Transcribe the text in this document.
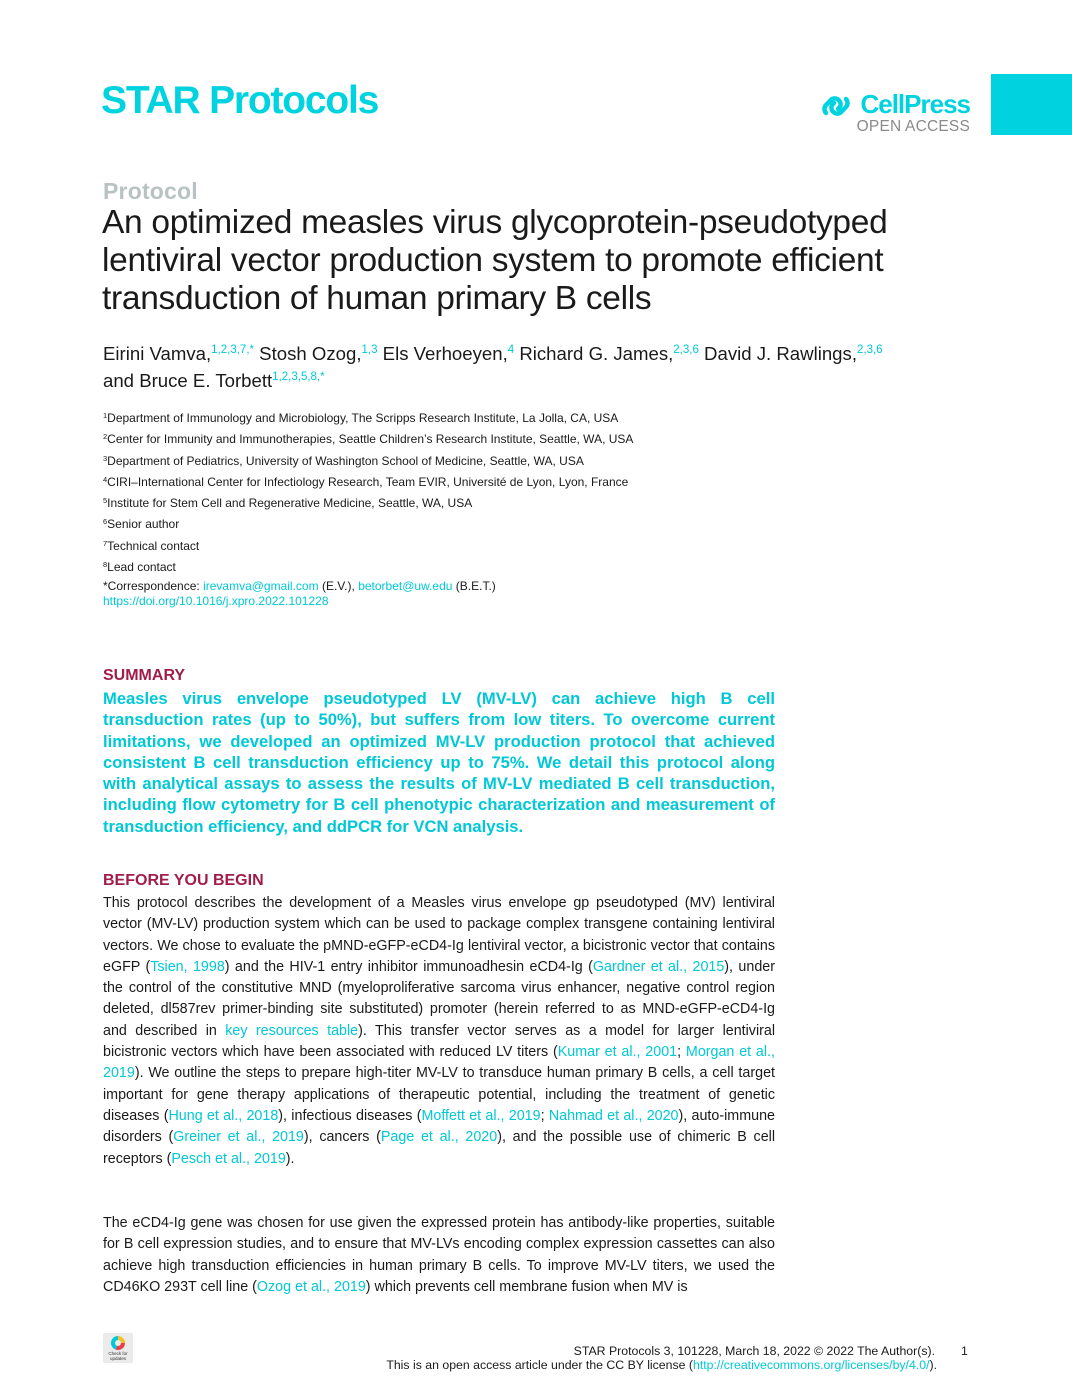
STAR Protocols	CellPress
OPEN ACCESS
Protocol
An optimized measles virus glycoprotein-pseudotyped lentiviral vector production system to promote efficient transduction of human primary B cells
Eirini Vamva,$^{1,2,3,7,*}$ Stosh Ozog,$^{1,3}$ Els Verhoeyen,$^4$ Richard G. James,$^{2,3,6}$ David J. Rawlings,$^{2,3,6}$
and Bruce E. Torbett$^{1,2,3,5,8,*}$
$^1$Department of Immunology and Microbiology, The Scripps Research Institute, La Jolla, CA, USA
$^2$Center for Immunity and Immunotherapies, Seattle Children’s Research Institute, Seattle, WA, USA
$^3$Department of Pediatrics, University of Washington School of Medicine, Seattle, WA, USA
$^4$CIRI–International Center for Infectiology Research, Team EVIR, Université de Lyon, Lyon, France
$^5$Institute for Stem Cell and Regenerative Medicine, Seattle, WA, USA
$^6$Senior author
$^7$Technical contact
$^8$Lead contact
*Correspondence: irevamva@gmail.com (E.V.), betorbet@uw.edu (B.E.T.)
https://doi.org/10.1016/j.xpro.2022.101228
SUMMARY
Measles virus envelope pseudotyped LV (MV-LV) can achieve high B cell transduction rates (up to 50%), but suffers from low titers. To overcome current limitations, we developed an optimized MV-LV production protocol that achieved consistent B cell transduction efficiency up to 75%. We detail this protocol along with analytical assays to assess the results of MV-LV mediated B cell transduction, including flow cytometry for B cell phenotypic characterization and measurement of transduction efficiency, and ddPCR for VCN analysis.
BEFORE YOU BEGIN
This protocol describes the development of a Measles virus envelope gp pseudotyped (MV) lentiviral vector (MV-LV) production system which can be used to package complex transgene containing lentiviral vectors. We chose to evaluate the pMND-eGFP-eCD4-Ig lentiviral vector, a bicistronic vector that contains eGFP (Tsien, 1998) and the HIV-1 entry inhibitor immunoadhesin eCD4-Ig (Gardner et al., 2015), under the control of the constitutive MND (myeloproliferative sarcoma virus enhancer, negative control region deleted, dl587rev primer-binding site substituted) promoter (herein referred to as MND-eGFP-eCD4-Ig and described in key resources table). This transfer vector serves as a model for larger lentiviral bicistronic vectors which have been associated with reduced LV titers (Kumar et al., 2001; Morgan et al., 2019). We outline the steps to prepare high-titer MV-LV to transduce human primary B cells, a cell target important for gene therapy applications of therapeutic potential, including the treatment of genetic diseases (Hung et al., 2018), infectious diseases (Moffett et al., 2019; Nahmad et al., 2020), auto-immune disorders (Greiner et al., 2019), cancers (Page et al., 2020), and the possible use of chimeric B cell receptors (Pesch et al., 2019).
The eCD4-Ig gene was chosen for use given the expressed protein has antibody-like properties, suitable for B cell expression studies, and to ensure that MV-LVs encoding complex expression cassettes can also achieve high transduction efficiencies in human primary B cells. To improve MV-LV titers, we used the CD46KO 293T cell line (Ozog et al., 2019) which prevents cell membrane fusion when MV is
Check for
updates
STAR Protocols 3, 101228, March 18, 2022 © 2022 The Author(s). 1
This is an open access article under the CC BY license (http://creativecommons.org/licenses/by/4.0/).
